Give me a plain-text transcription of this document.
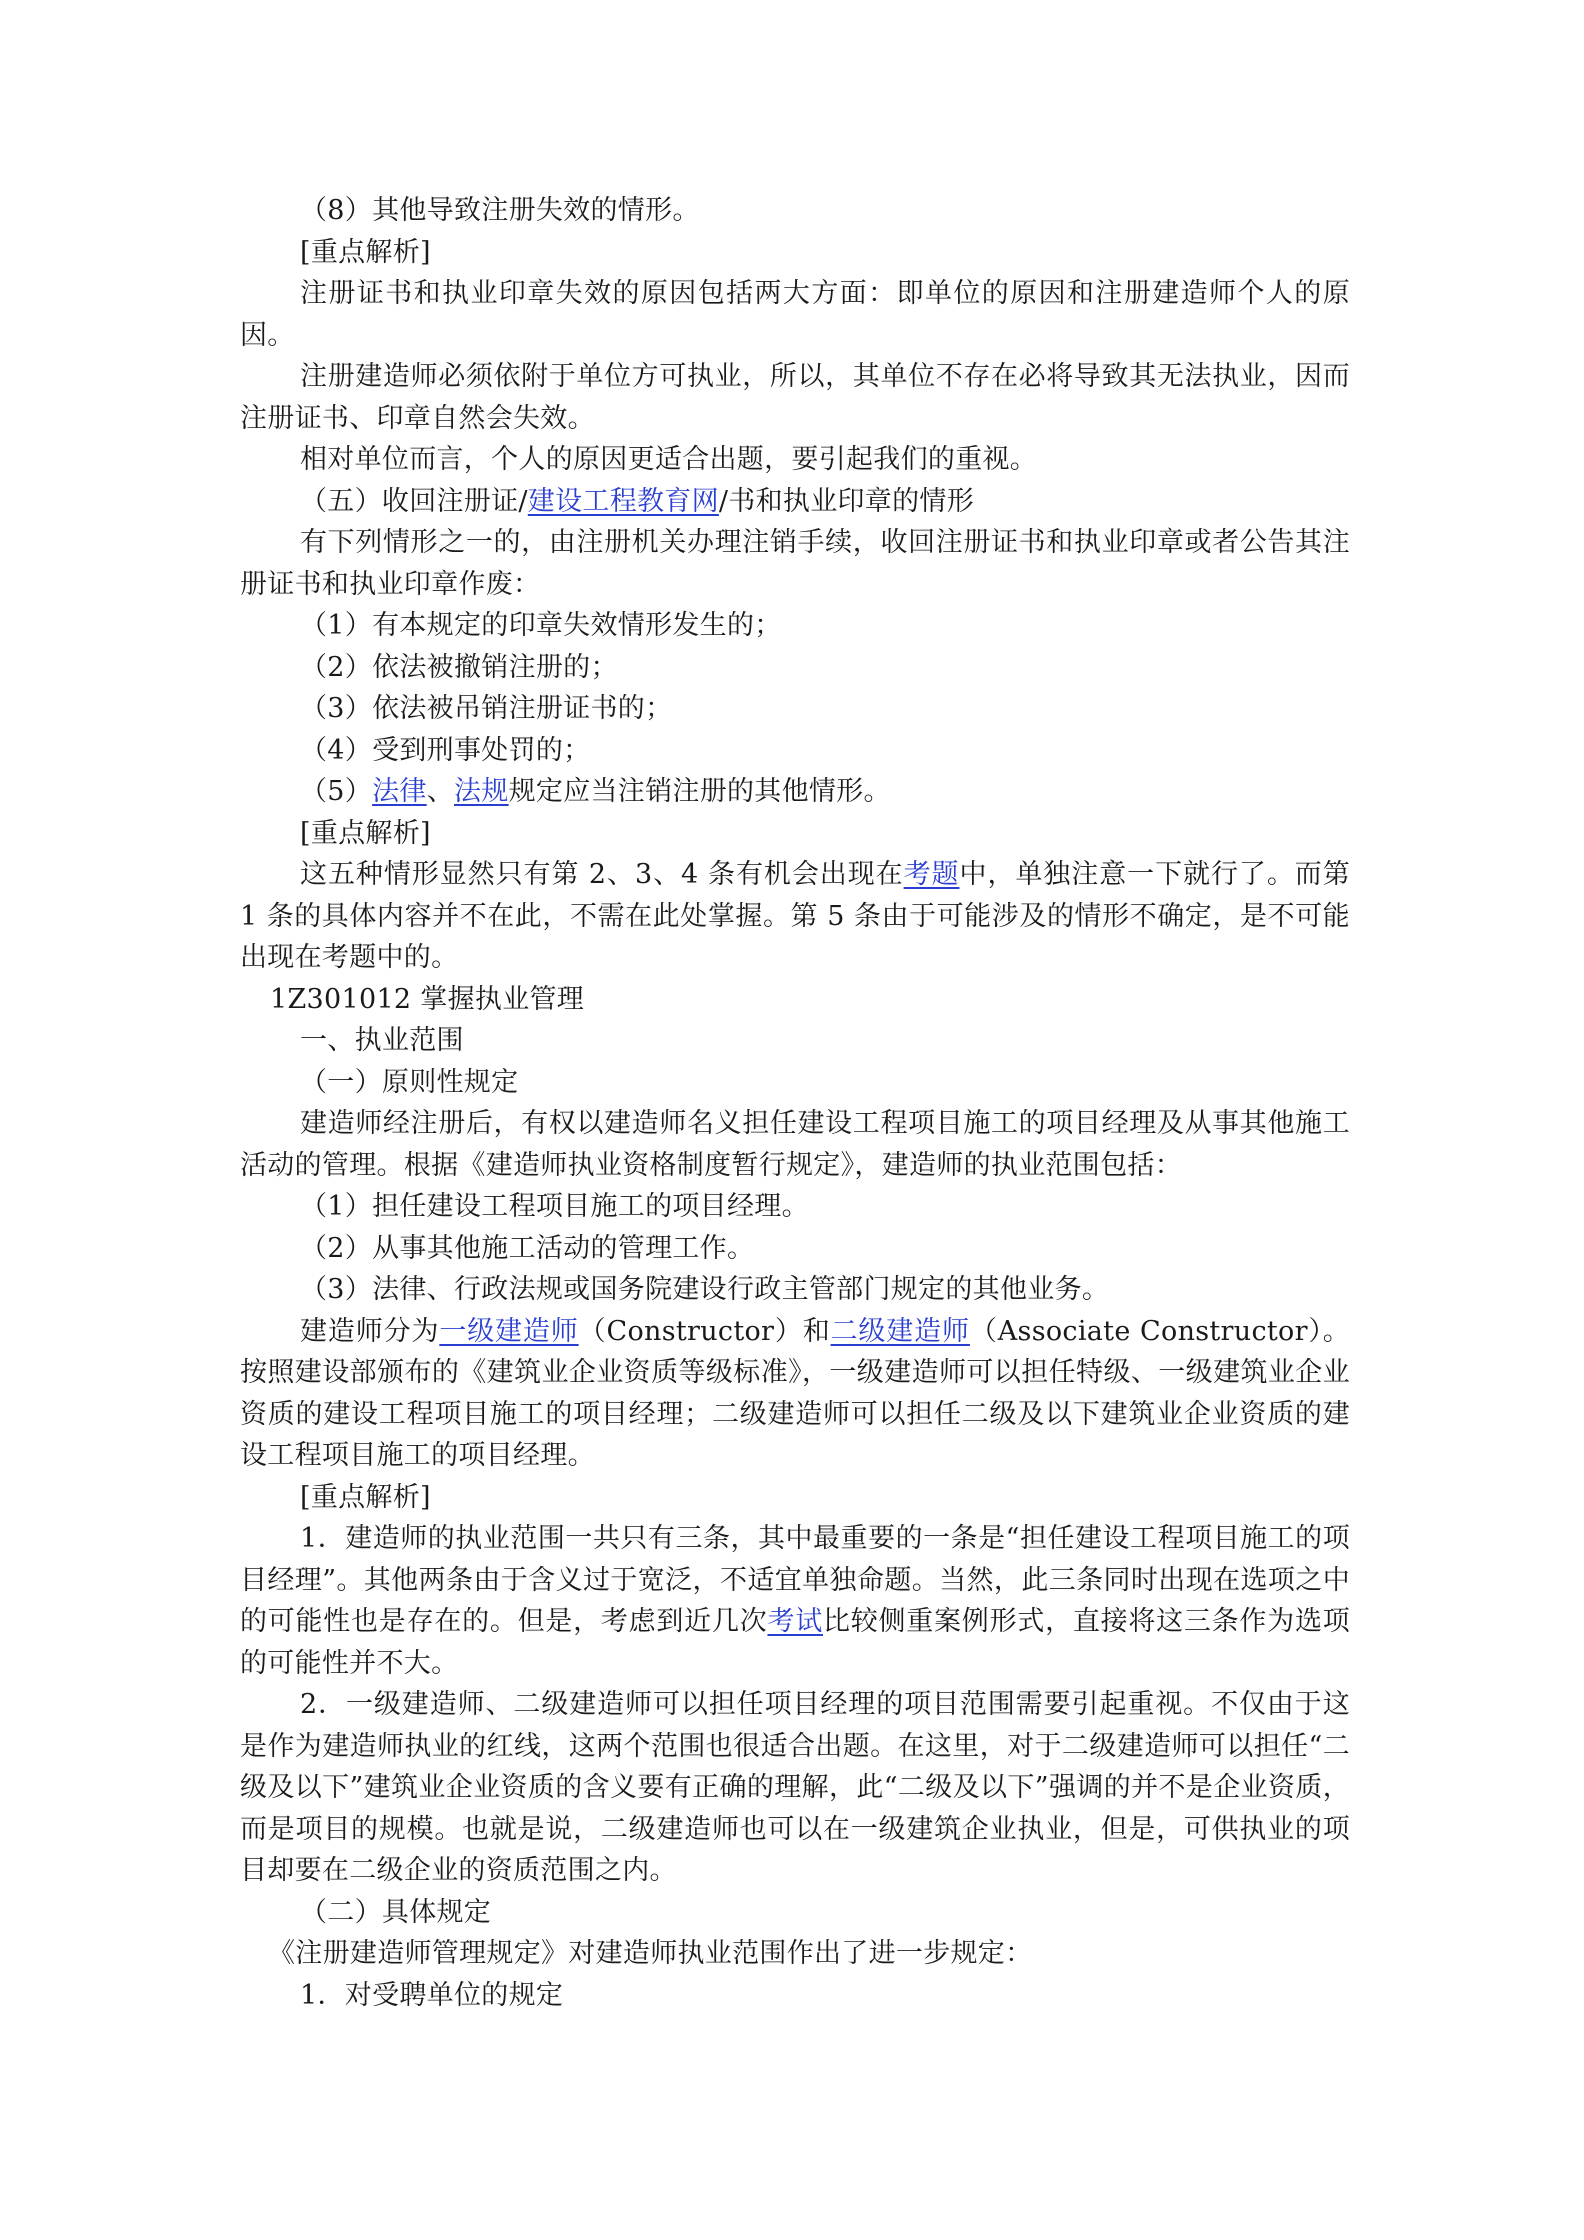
（8）其他导致注册失效的情形。

[重点解析]

注册证书和执业印章失效的原因包括两大方面：即单位的原因和注册建造师个人的原因。

注册建造师必须依附于单位方可执业，所以，其单位不存在必将导致其无法执业，因而注册证书、印章自然会失效。

相对单位而言，个人的原因更适合出题，要引起我们的重视。

（五）收回注册证/建设工程教育网/书和执业印章的情形

有下列情形之一的，由注册机关办理注销手续，收回注册证书和执业印章或者公告其注册证书和执业印章作废：

（1）有本规定的印章失效情形发生的；

（2）依法被撤销注册的；

（3）依法被吊销注册证书的；

（4）受到刑事处罚的；

（5）法律、法规规定应当注销注册的其他情形。

[重点解析]

这五种情形显然只有第 2、3、4 条有机会出现在考题中，单独注意一下就行了。而第 1 条的具体内容并不在此，不需在此处掌握。第 5 条由于可能涉及的情形不确定，是不可能出现在考题中的。

1Z301012 掌握执业管理

一、执业范围

（一）原则性规定

建造师经注册后，有权以建造师名义担任建设工程项目施工的项目经理及从事其他施工活动的管理。根据《建造师执业资格制度暂行规定》，建造师的执业范围包括：

（1）担任建设工程项目施工的项目经理。

（2）从事其他施工活动的管理工作。

（3）法律、行政法规或国务院建设行政主管部门规定的其他业务。

建造师分为一级建造师（Constructor）和二级建造师（Associate Constructor）。按照建设部颁布的《建筑业企业资质等级标准》，一级建造师可以担任特级、一级建筑业企业资质的建设工程项目施工的项目经理；二级建造师可以担任二级及以下建筑业企业资质的建设工程项目施工的项目经理。

[重点解析]

1．建造师的执业范围一共只有三条，其中最重要的一条是“担任建设工程项目施工的项目经理”。其他两条由于含义过于宽泛，不适宜单独命题。当然，此三条同时出现在选项之中的可能性也是存在的。但是，考虑到近几次考试比较侧重案例形式，直接将这三条作为选项的可能性并不大。

2．一级建造师、二级建造师可以担任项目经理的项目范围需要引起重视。不仅由于这是作为建造师执业的红线，这两个范围也很适合出题。在这里，对于二级建造师可以担任“二级及以下”建筑业企业资质的含义要有正确的理解，此“二级及以下”强调的并不是企业资质，而是项目的规模。也就是说，二级建造师也可以在一级建筑企业执业，但是，可供执业的项目却要在二级企业的资质范围之内。

（二）具体规定

《注册建造师管理规定》对建造师执业范围作出了进一步规定：

1．对受聘单位的规定
